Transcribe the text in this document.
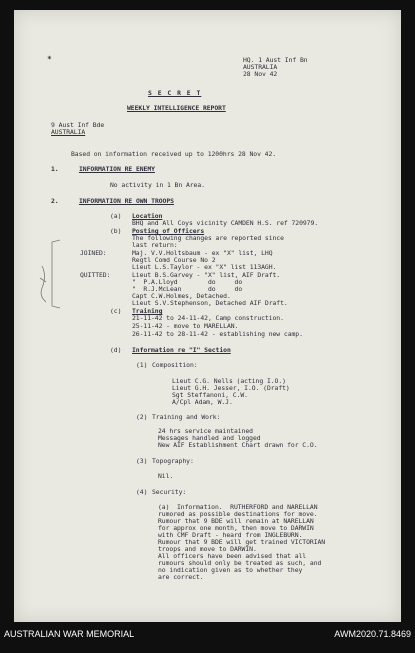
HQ. 1 Aust Inf Bn
AUSTRALIA
28 Nov 42
✶
S E C R E T
WEEKLY INTELLIGENCE REPORT
9 Aust Inf Bde
AUSTRALIA
Based on information received up to 1200hrs 28 Nov 42.
1.	INFORMATION RE ENEMY
No activity in 1 Bn Area.
2.	INFORMATION RE OWN TROOPS
(a) Location
BHQ and All Coys vicinity CAMDEN H.S. ref 720979.
(b) Posting of Officers
The following changes are reported since
last return:
JOINED:	Maj. V.V.Holtsbaum - ex "X" list, LHQ
Regtl Comd Course No 2
Lieut L.S.Taylor - ex "X" list 113AGH.
QUITTED:	Lieut B.S.Garvey - "X" list, AIF Draft.
"  P.A.Lloyd        do     do
"  R.J.McLean       do     do
Capt C.W.Holmes, Detached.
Lieut S.V.Stephenson, Detached AIF Draft.
(c) Training
21-11-42 to 24-11-42, Camp construction.
25-11-42 - move to MARELLAN.
26-11-42 to 28-11-42 - establishing new camp.
(d) Information re "I" Section
(1) Composition:
Lieut C.G. Nells (acting I.O.)
Lieut G.H. Jesser, I.O. (Draft)
Sgt Steffanoni, C.W.
A/Cpl Adam, W.J.
(2) Training and Work:
24 hrs service maintained
Messages handled and logged
New AIF Establishment Chart drawn for C.O.
(3) Topography:
Nil.
(4) Security:
(a)  Information.  RUTHERFORD and NARELLAN
rumored as possible destinations for move.
Rumour that 9 BDE will remain at NARELLAN
for approx one month, then move to DARWIN
with CMF Draft - heard from INGLEBURN.
Rumour that 9 BDE will get trained VICTORIAN
troops and move to DARWIN.
All officers have been advised that all
rumours should only be treated as such, and
no indication given as to whether they
are correct.
AUSTRALIAN WAR MEMORIAL	AWM2020.71.8469
